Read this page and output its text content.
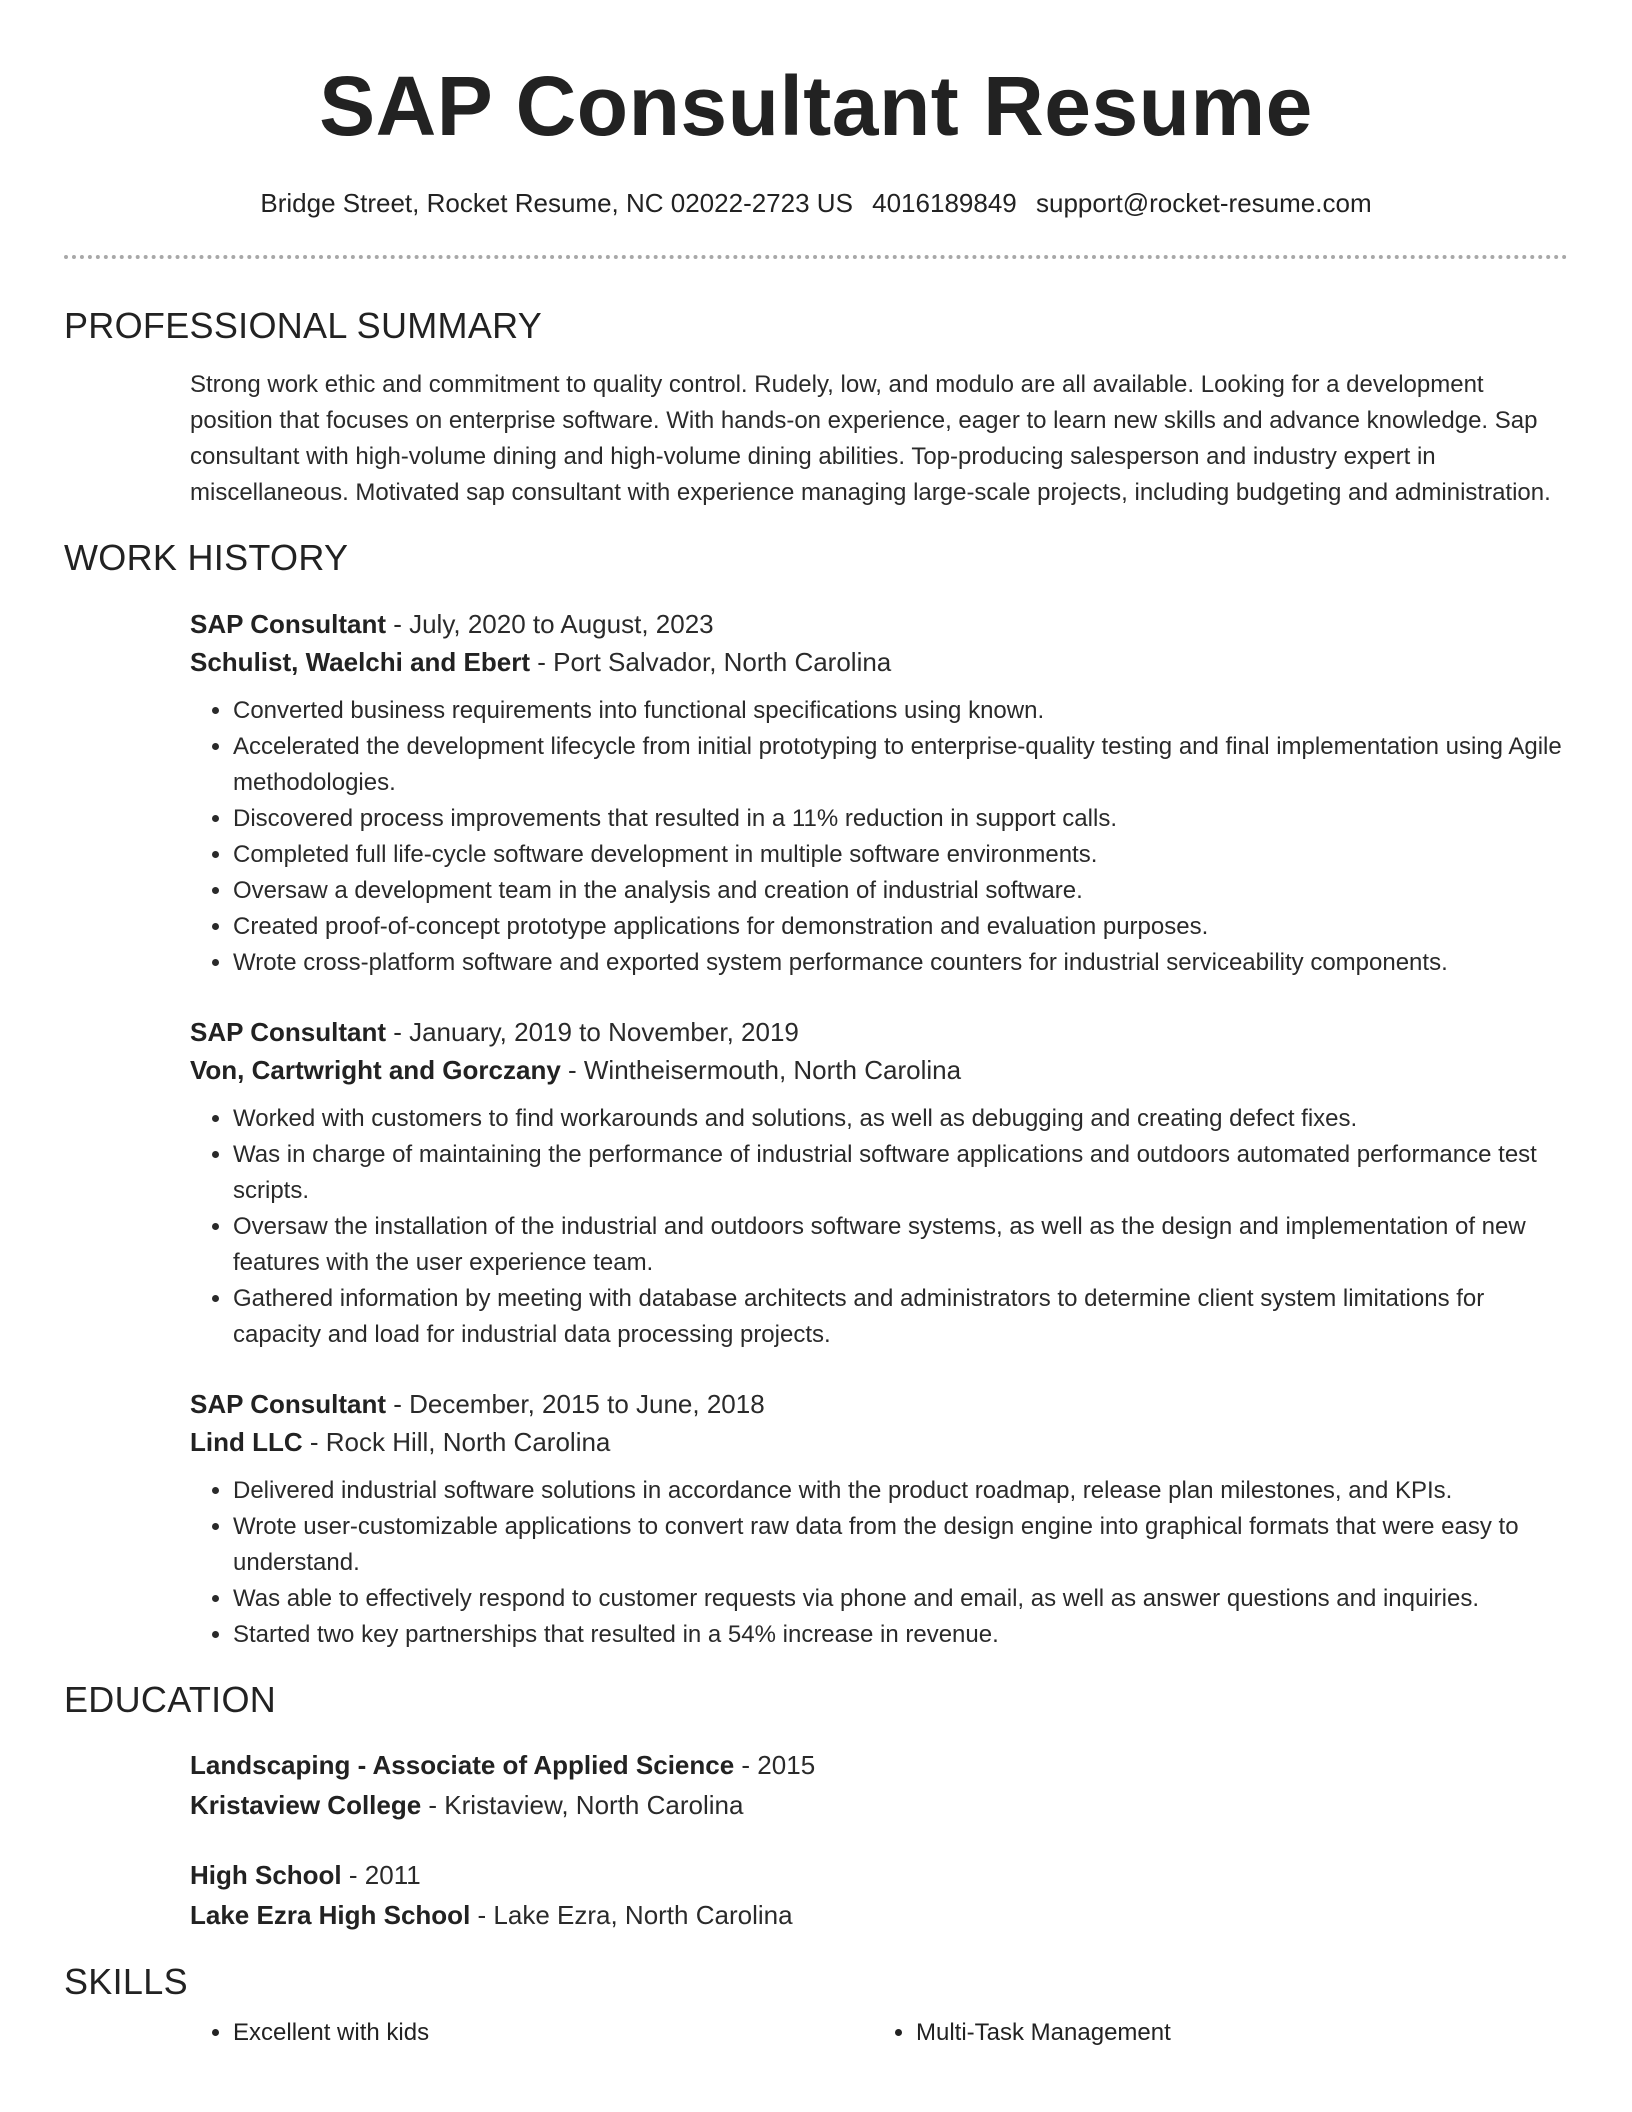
SAP Consultant Resume
Bridge Street, Rocket Resume, NC 02022-2723 US 4016189849 support@rocket-resume.com
PROFESSIONAL SUMMARY

Strong work ethic and commitment to quality control. Rudely, low, and modulo are all available. Looking for a development position that focuses on enterprise software. With hands-on experience, eager to learn new skills and advance knowledge. Sap consultant with high-volume dining and high-volume dining abilities. Top-producing salesperson and industry expert in miscellaneous. Motivated sap consultant with experience managing large-scale projects, including budgeting and administration.

WORK HISTORY
SAP Consultant - July, 2020 to August, 2023
Schulist, Waelchi and Ebert - Port Salvador, North Carolina
• Converted business requirements into functional specifications using known.
• Accelerated the development lifecycle from initial prototyping to enterprise-quality testing and final implementation using Agile methodologies.
• Discovered process improvements that resulted in a 11% reduction in support calls.
• Completed full life-cycle software development in multiple software environments.
• Oversaw a development team in the analysis and creation of industrial software.
• Created proof-of-concept prototype applications for demonstration and evaluation purposes.
• Wrote cross-platform software and exported system performance counters for industrial serviceability components.
SAP Consultant - January, 2019 to November, 2019
Von, Cartwright and Gorczany - Wintheisermouth, North Carolina
• Worked with customers to find workarounds and solutions, as well as debugging and creating defect fixes.
• Was in charge of maintaining the performance of industrial software applications and outdoors automated performance test scripts.
• Oversaw the installation of the industrial and outdoors software systems, as well as the design and implementation of new features with the user experience team.
• Gathered information by meeting with database architects and administrators to determine client system limitations for capacity and load for industrial data processing projects.
SAP Consultant - December, 2015 to June, 2018
Lind LLC - Rock Hill, North Carolina
• Delivered industrial software solutions in accordance with the product roadmap, release plan milestones, and KPIs.
• Wrote user-customizable applications to convert raw data from the design engine into graphical formats that were easy to understand.
• Was able to effectively respond to customer requests via phone and email, as well as answer questions and inquiries.
• Started two key partnerships that resulted in a 54% increase in revenue.
EDUCATION
Landscaping - Associate of Applied Science - 2015
Kristaview College - Kristaview, North Carolina
High School - 2011
Lake Ezra High School - Lake Ezra, North Carolina
SKILLS
• Excellent with kids
•	Multi-Task Management
